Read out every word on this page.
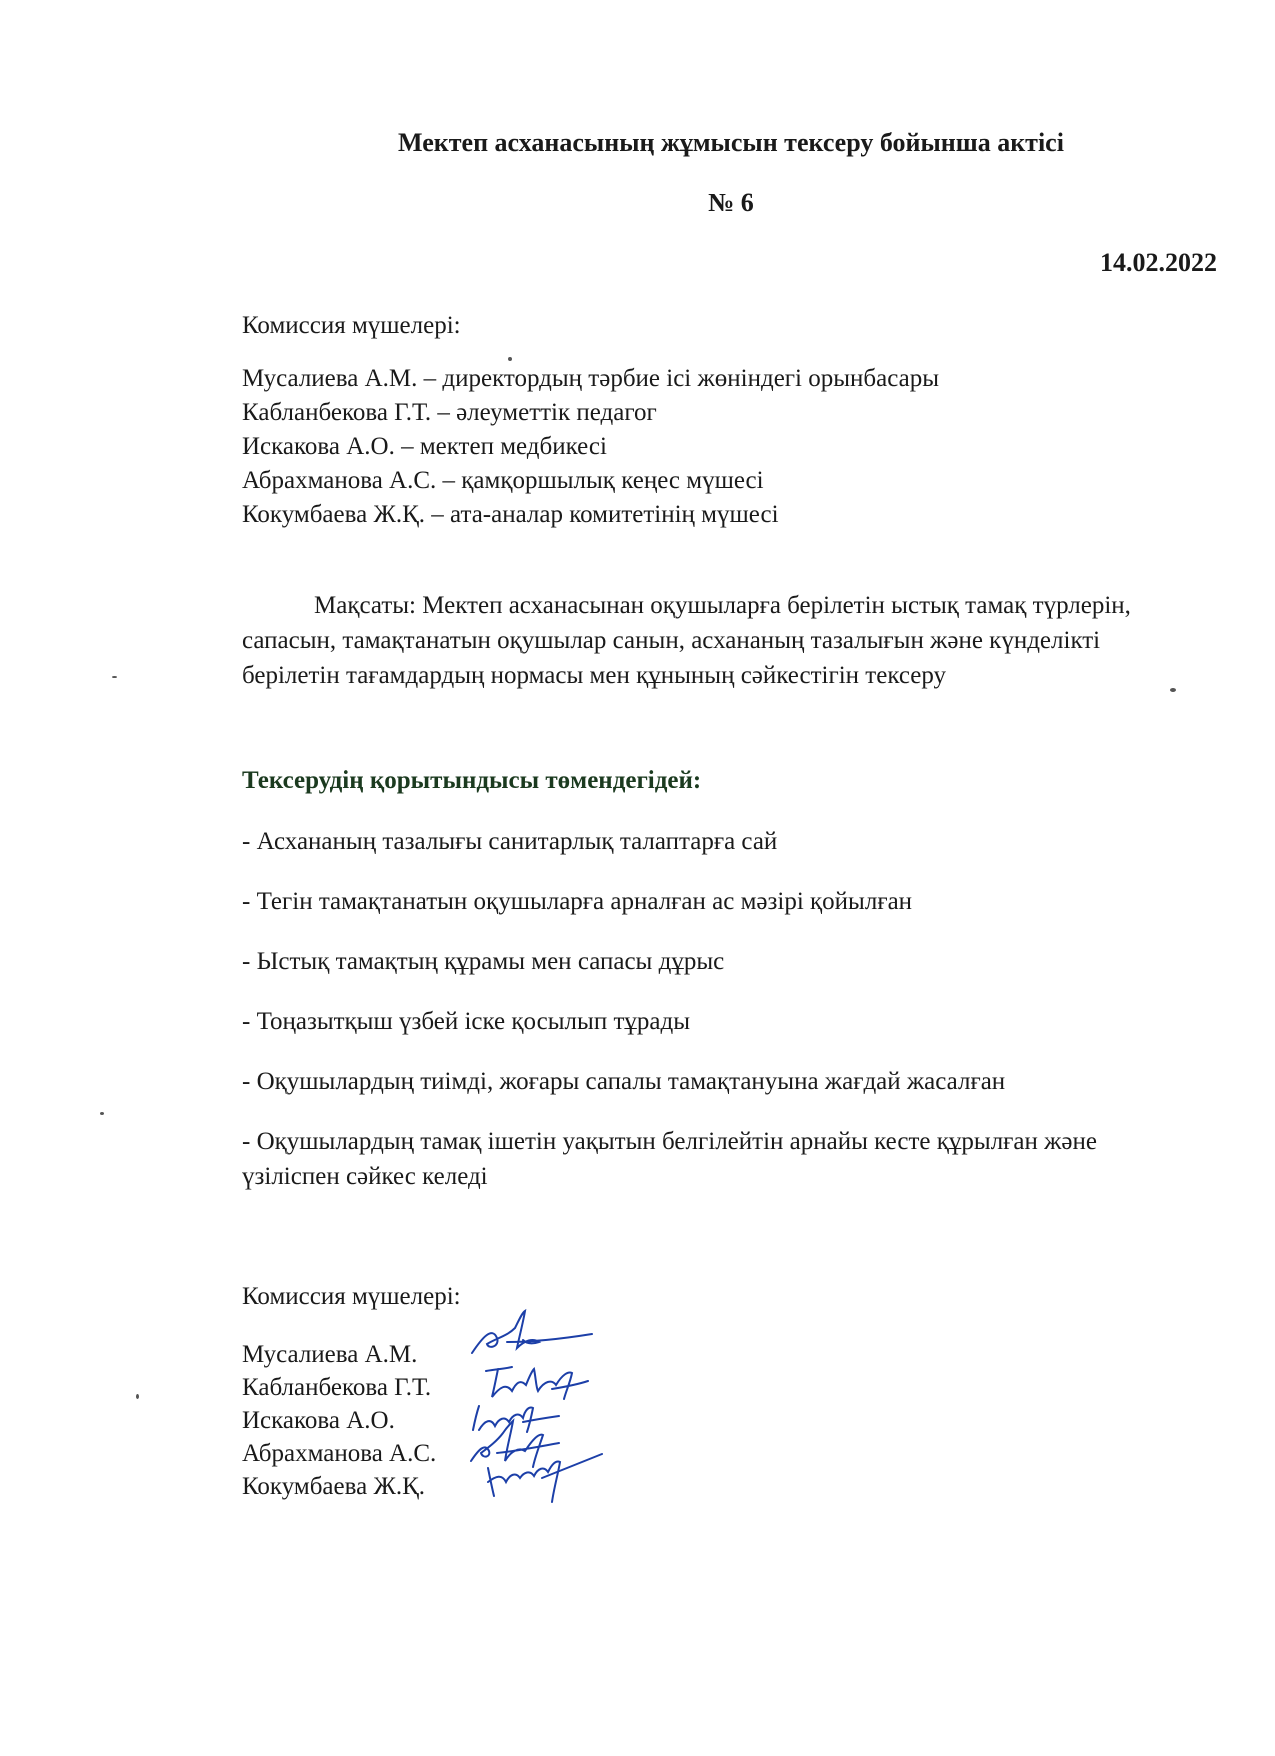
Мектеп асханасының жұмысын тексеру бойынша актісі
№ 6
14.02.2022
Комиссия мүшелері:
Мусалиева А.М. – директордың тәрбие ісі жөніндегі орынбасары
Кабланбекова Г.Т. – әлеуметтік педагог
Искакова А.О. – мектеп медбикесі
Абрахманова А.С. – қамқоршылық кеңес мүшесі
Кокумбаева Ж.Қ. – ата-аналар комитетінің мүшесі
Мақсаты: Мектеп асханасынан оқушыларға берілетін ыстық тамақ түрлерін, сапасын, тамақтанатын оқушылар санын, асхананың тазалығын және күнделікті берілетін тағамдардың нормасы мен құнының сәйкестігін тексеру
Тексерудің қорытындысы төмендегідей:
- Асхананың тазалығы санитарлық талаптарға сай
- Тегін тамақтанатын оқушыларға арналған ас мәзірі қойылған
- Ыстық тамақтың құрамы мен сапасы дұрыс
- Тоңазытқыш үзбей іске қосылып тұрады
- Оқушылардың тиімді, жоғары сапалы тамақтануына жағдай жасалған
- Оқушылардың тамақ ішетін уақытын белгілейтін арнайы кесте құрылған және үзіліспен сәйкес келеді
Комиссия мүшелері:
Мусалиева А.М.
Кабланбекова Г.Т.
Искакова А.О.
Абрахманова А.С.
Кокумбаева Ж.Қ.
